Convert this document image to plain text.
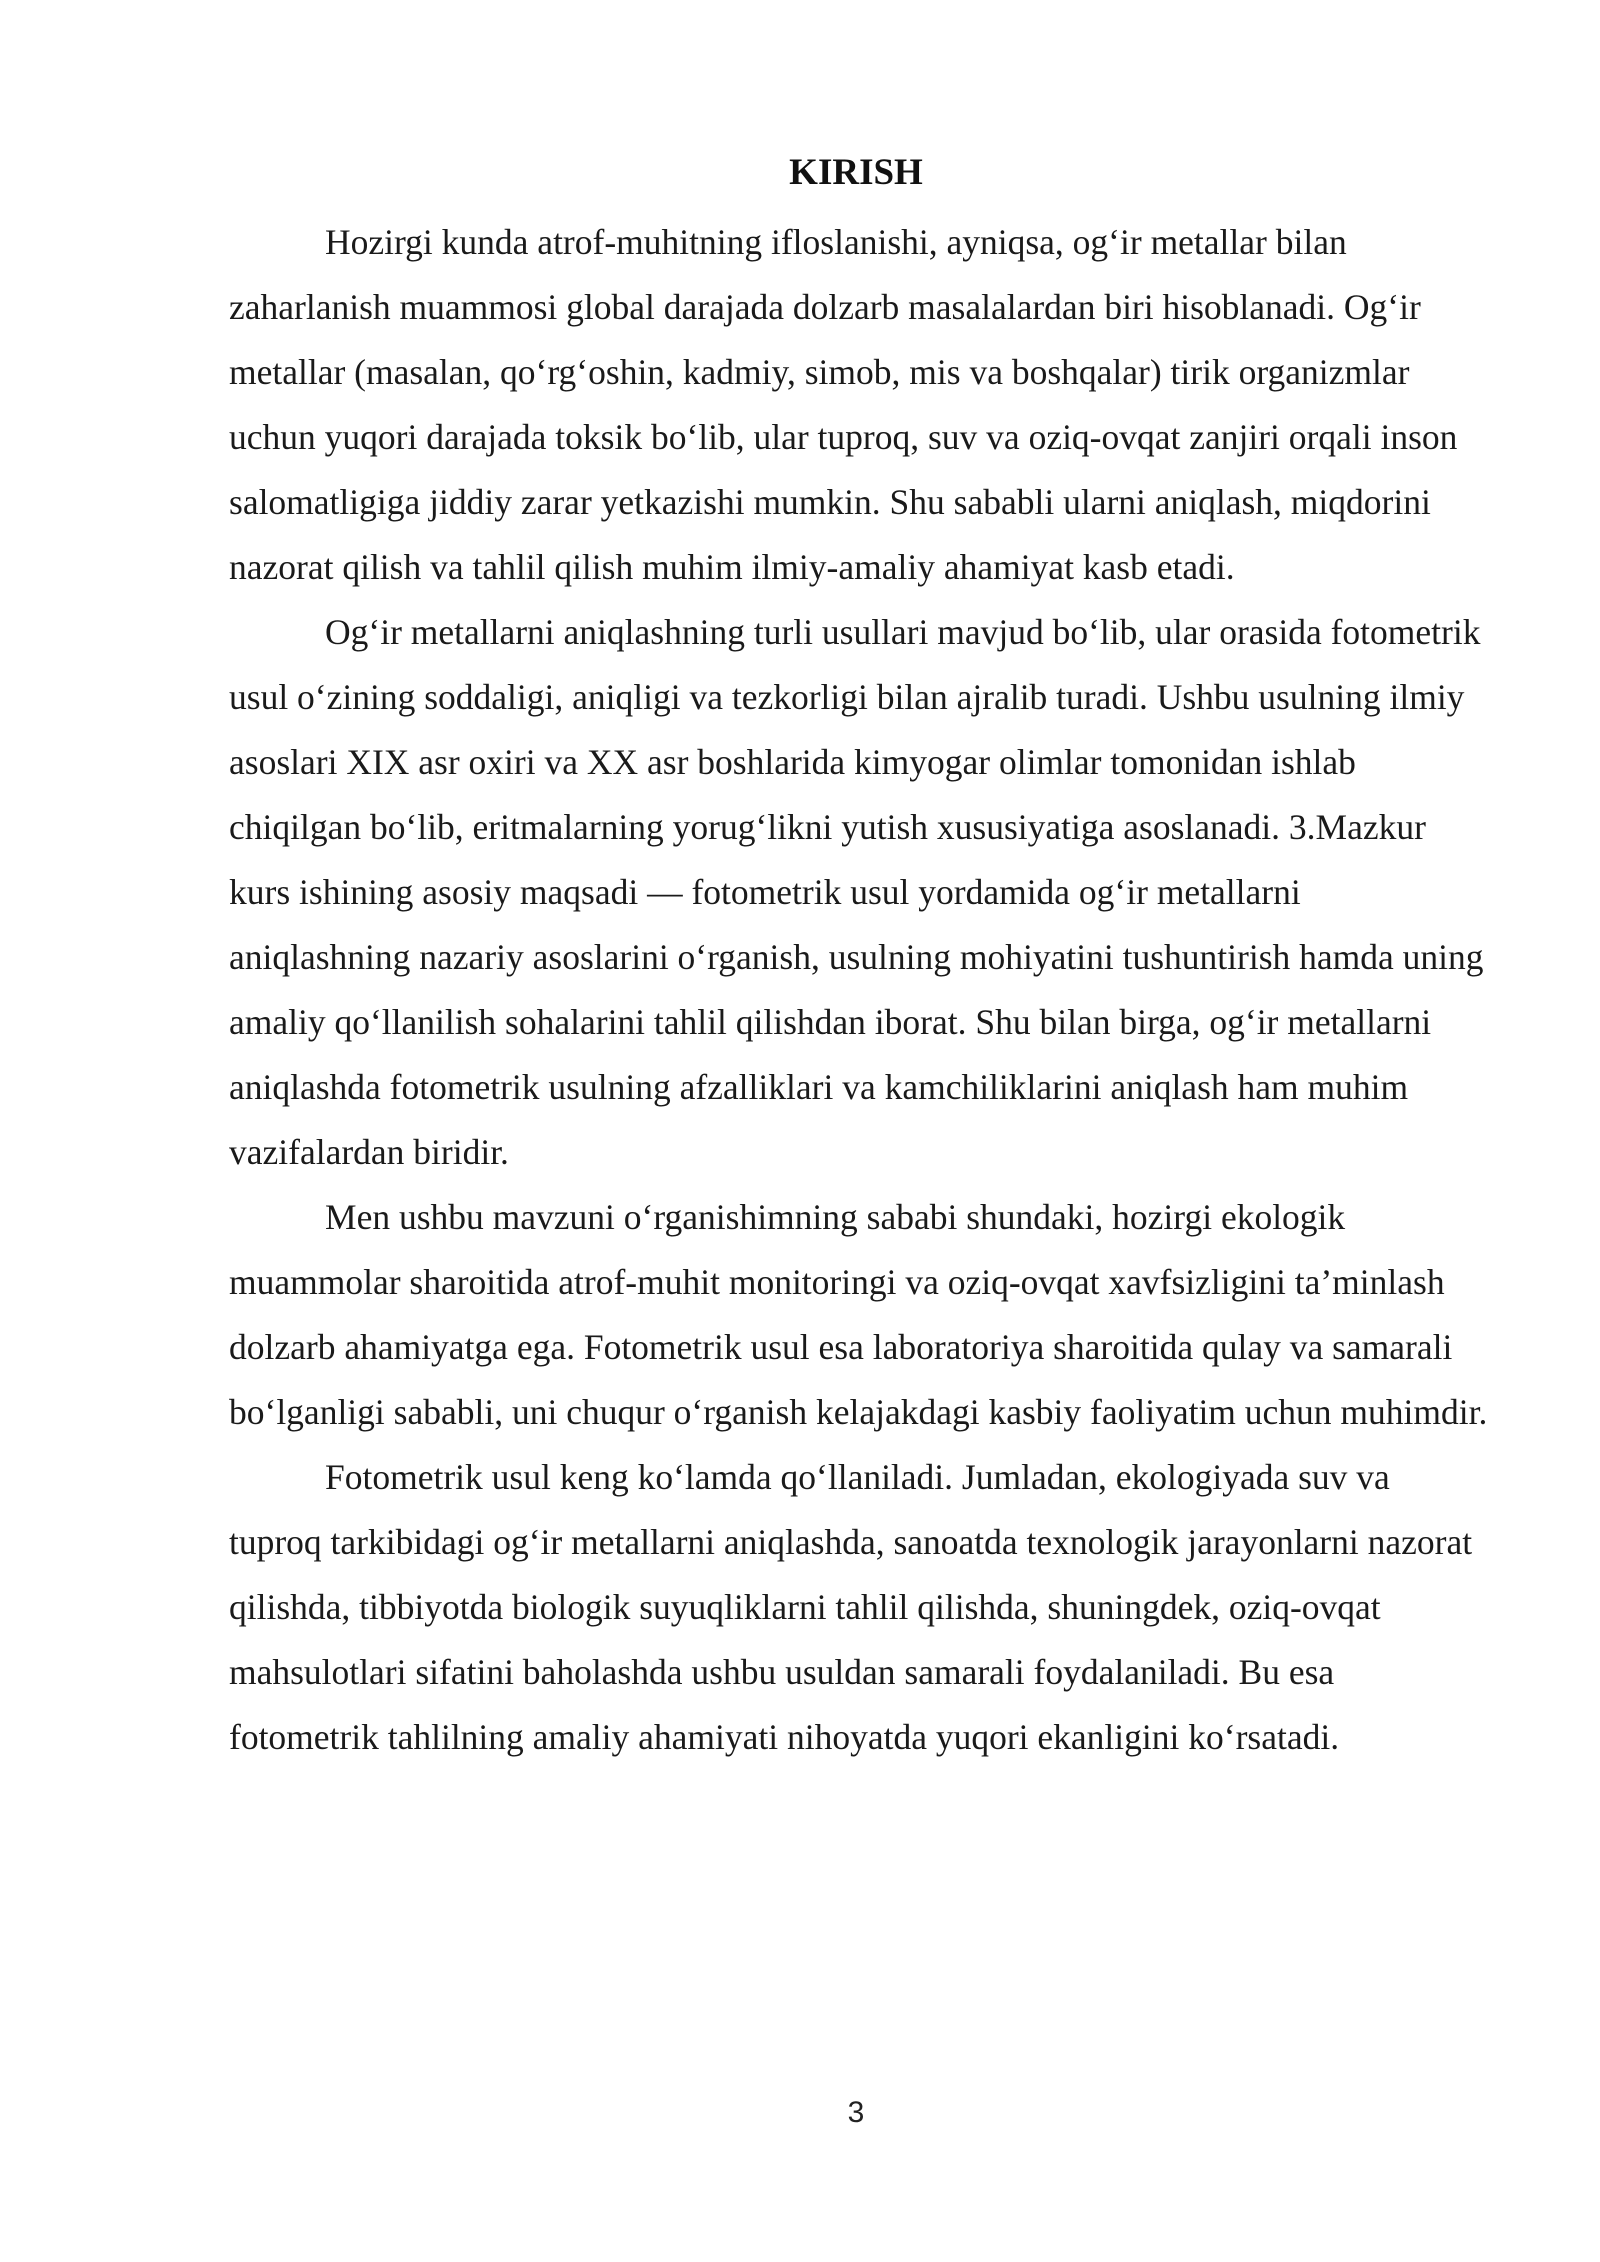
KIRISH

Hozirgi kunda atrof-muhitning ifloslanishi, ayniqsa, og‘ir metallar bilan zaharlanish muammosi global darajada dolzarb masalalardan biri hisoblanadi. Og‘ir metallar (masalan, qo‘rg‘oshin, kadmiy, simob, mis va boshqalar) tirik organizmlar uchun yuqori darajada toksik bo‘lib, ular tuproq, suv va oziq-ovqat zanjiri orqali inson salomatligiga jiddiy zarar yetkazishi mumkin. Shu sababli ularni aniqlash, miqdorini nazorat qilish va tahlil qilish muhim ilmiy-amaliy ahamiyat kasb etadi.

Og‘ir metallarni aniqlashning turli usullari mavjud bo‘lib, ular orasida fotometrik usul o‘zining soddaligi, aniqligi va tezkorligi bilan ajralib turadi. Ushbu usulning ilmiy asoslari XIX asr oxiri va XX asr boshlarida kimyogar olimlar tomonidan ishlab chiqilgan bo‘lib, eritmalarning yorug‘likni yutish xususiyatiga asoslanadi. 3.Mazkur kurs ishining asosiy maqsadi — fotometrik usul yordamida og‘ir metallarni aniqlashning nazariy asoslarini o‘rganish, usulning mohiyatini tushuntirish hamda uning amaliy qo‘llanilish sohalarini tahlil qilishdan iborat. Shu bilan birga, og‘ir metallarni aniqlashda fotometrik usulning afzalliklari va kamchiliklarini aniqlash ham muhim vazifalardan biridir.

Men ushbu mavzuni o‘rganishimning sababi shundaki, hozirgi ekologik muammolar sharoitida atrof-muhit monitoringi va oziq-ovqat xavfsizligini ta’minlash dolzarb ahamiyatga ega. Fotometrik usul esa laboratoriya sharoitida qulay va samarali bo‘lganligi sababli, uni chuqur o‘rganish kelajakdagi kasbiy faoliyatim uchun muhimdir.

Fotometrik usul keng ko‘lamda qo‘llaniladi. Jumladan, ekologiyada suv va tuproq tarkibidagi og‘ir metallarni aniqlashda, sanoatda texnologik jarayonlarni nazorat qilishda, tibbiyotda biologik suyuqliklarni tahlil qilishda, shuningdek, oziq-ovqat mahsulotlari sifatini baholashda ushbu usuldan samarali foydalaniladi. Bu esa fotometrik tahlilning amaliy ahamiyati nihoyatda yuqori ekanligini ko‘rsatadi.

3
